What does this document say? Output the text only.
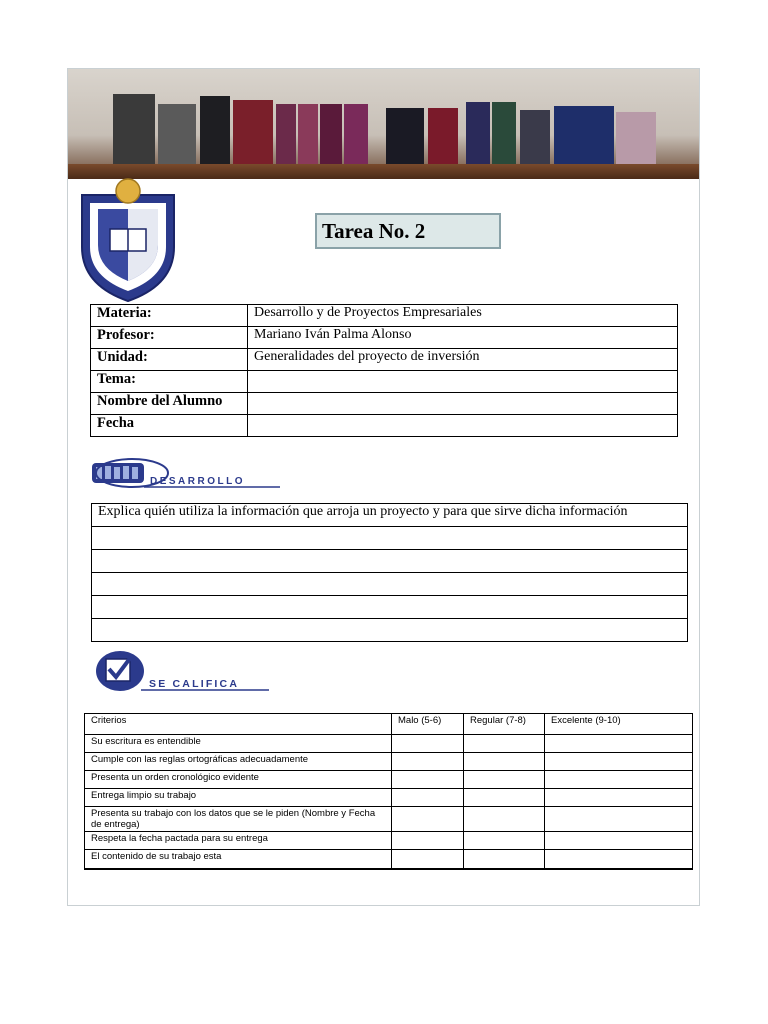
Tarea No. 2
Materia:	Desarrollo y de Proyectos Empresariales
Profesor:	Mariano Iván Palma Alonso
Unidad:	Generalidades del proyecto de inversión
Tema:	
Nombre del Alumno	
Fecha	
DESARROLLO
Explica quién utiliza la información que arroja un proyecto y para que sirve dicha información

SE CALIFICA
Criterios	Malo (5-6)	Regular (7-8)	Excelente (9-10)
Su escritura es entendible			
Cumple con las reglas ortográficas adecuadamente			
Presenta un orden cronológico evidente			
Entrega limpio su trabajo			
Presenta su trabajo con los datos que se le piden (Nombre y Fecha de entrega)			
Respeta la fecha pactada para su entrega			
El contenido de su trabajo esta			
